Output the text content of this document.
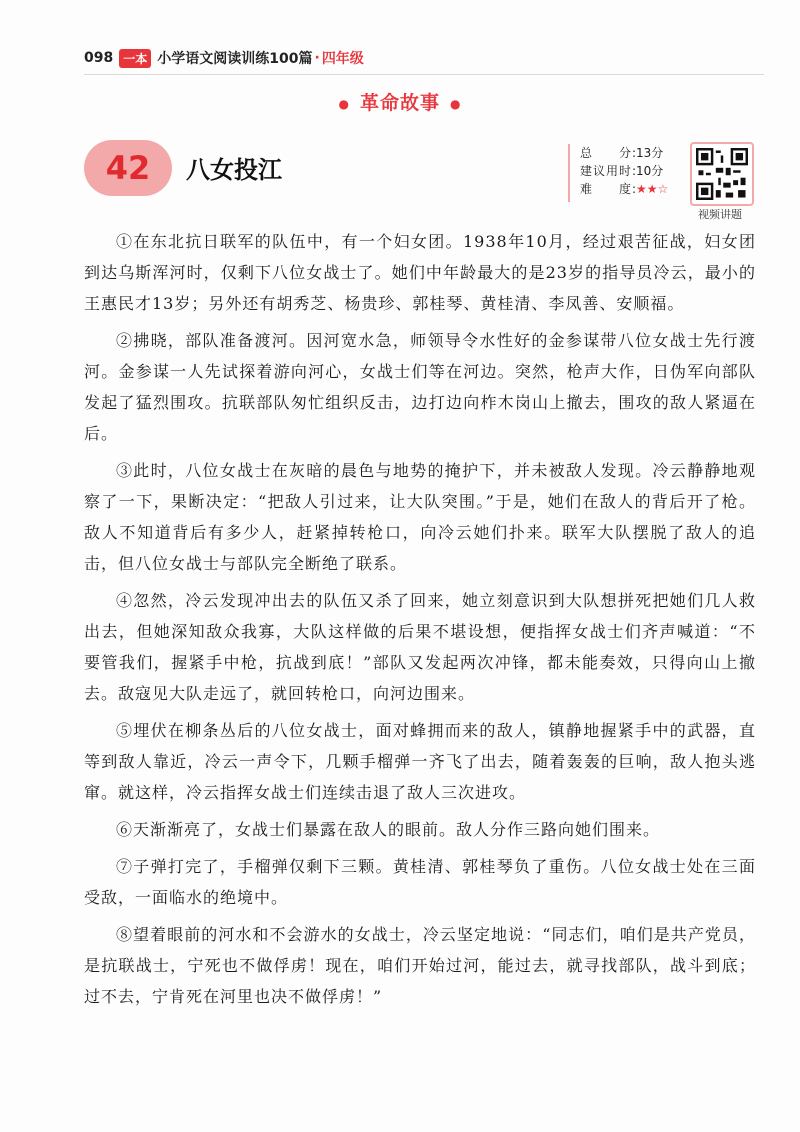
098 一本 小学语文阅读训练100篇 · 四年级
● 革命故事 ●
42 八女投江
总　　分:
13分
建议用时:
10分
难　　度:
★★☆
视频讲题

①在东北抗日联军的队伍中，有一个妇女团。1938年10月，经过艰苦征战，妇女团到达乌斯浑河时，仅剩下八位女战士了。她们中年龄最大的是23岁的指导员冷云，最小的王惠民才13岁；另外还有胡秀芝、杨贵珍、郭桂琴、黄桂清、李凤善、安顺福。

②拂晓，部队准备渡河。因河宽水急，师领导令水性好的金参谋带八位女战士先行渡河。金参谋一人先试探着游向河心，女战士们等在河边。突然，枪声大作，日伪军向部队发起了猛烈围攻。抗联部队匆忙组织反击，边打边向柞木岗山上撤去，围攻的敌人紧逼在后。

③此时，八位女战士在灰暗的晨色与地势的掩护下，并未被敌人发现。冷云静静地观察了一下，果断决定：“把敌人引过来，让大队突围。”于是，她们在敌人的背后开了枪。敌人不知道背后有多少人，赶紧掉转枪口，向冷云她们扑来。联军大队摆脱了敌人的追击，但八位女战士与部队完全断绝了联系。

④忽然，冷云发现冲出去的队伍又杀了回来，她立刻意识到大队想拼死把她们几人救出去，但她深知敌众我寡，大队这样做的后果不堪设想，便指挥女战士们齐声喊道：“不要管我们，握紧手中枪，抗战到底！”部队又发起两次冲锋，都未能奏效，只得向山上撤去。敌寇见大队走远了，就回转枪口，向河边围来。

⑤埋伏在柳条丛后的八位女战士，面对蜂拥而来的敌人，镇静地握紧手中的武器，直等到敌人靠近，冷云一声令下，几颗手榴弹一齐飞了出去，随着轰轰的巨响，敌人抱头逃窜。就这样，冷云指挥女战士们连续击退了敌人三次进攻。

⑥天渐渐亮了，女战士们暴露在敌人的眼前。敌人分作三路向她们围来。

⑦子弹打完了，手榴弹仅剩下三颗。黄桂清、郭桂琴负了重伤。八位女战士处在三面受敌，一面临水的绝境中。

⑧望着眼前的河水和不会游水的女战士，冷云坚定地说：“同志们，咱们是共产党员，是抗联战士，宁死也不做俘虏！现在，咱们开始过河，能过去，就寻找部队，战斗到底；过不去，宁肯死在河里也决不做俘虏！”
